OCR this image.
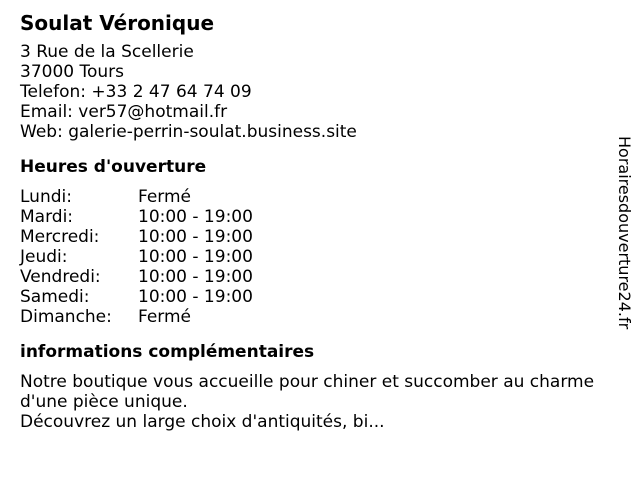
Soulat Véronique
3 Rue de la Scellerie
37000 Tours
Telefon: +33 2 47 64 74 09
Email: ver57@hotmail.fr
Web: galerie-perrin-soulat.business.site
Heures d'ouverture
Lundi:	Fermé
Mardi:	10:00 - 19:00
Mercredi:	10:00 - 19:00
Jeudi:	10:00 - 19:00
Vendredi:	10:00 - 19:00
Samedi:	10:00 - 19:00
Dimanche:	Fermé
informations complémentaires
Notre boutique vous accueille pour chiner et succomber au charme d'une pièce unique.
Découvrez un large choix d'antiquités, bi...
Horairesdouverture24.fr
